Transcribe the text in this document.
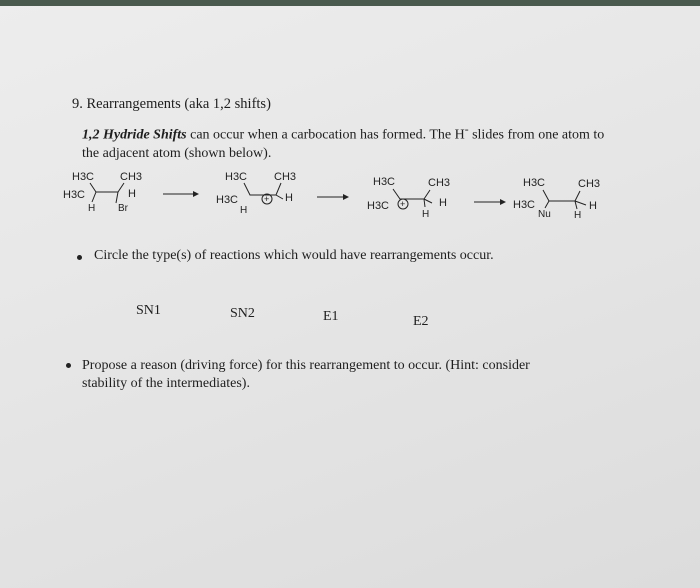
9. Rearrangements (aka 1,2 shifts)
1,2 Hydride Shifts can occur when a carbocation has formed. The H- slides from one atom to
the adjacent atom (shown below).
H3C CH3
H3C	H
H Br
H3C CH3
H3C	H
H
+
H3C	CH3
H3C +	H
H
H3C	CH3
H3C	H
Nu H
Circle the type(s) of reactions which would have rearrangements occur.
SN1	SN2	E1	E2
Propose a reason (driving force) for this rearrangement to occur. (Hint: consider
stability of the intermediates).
